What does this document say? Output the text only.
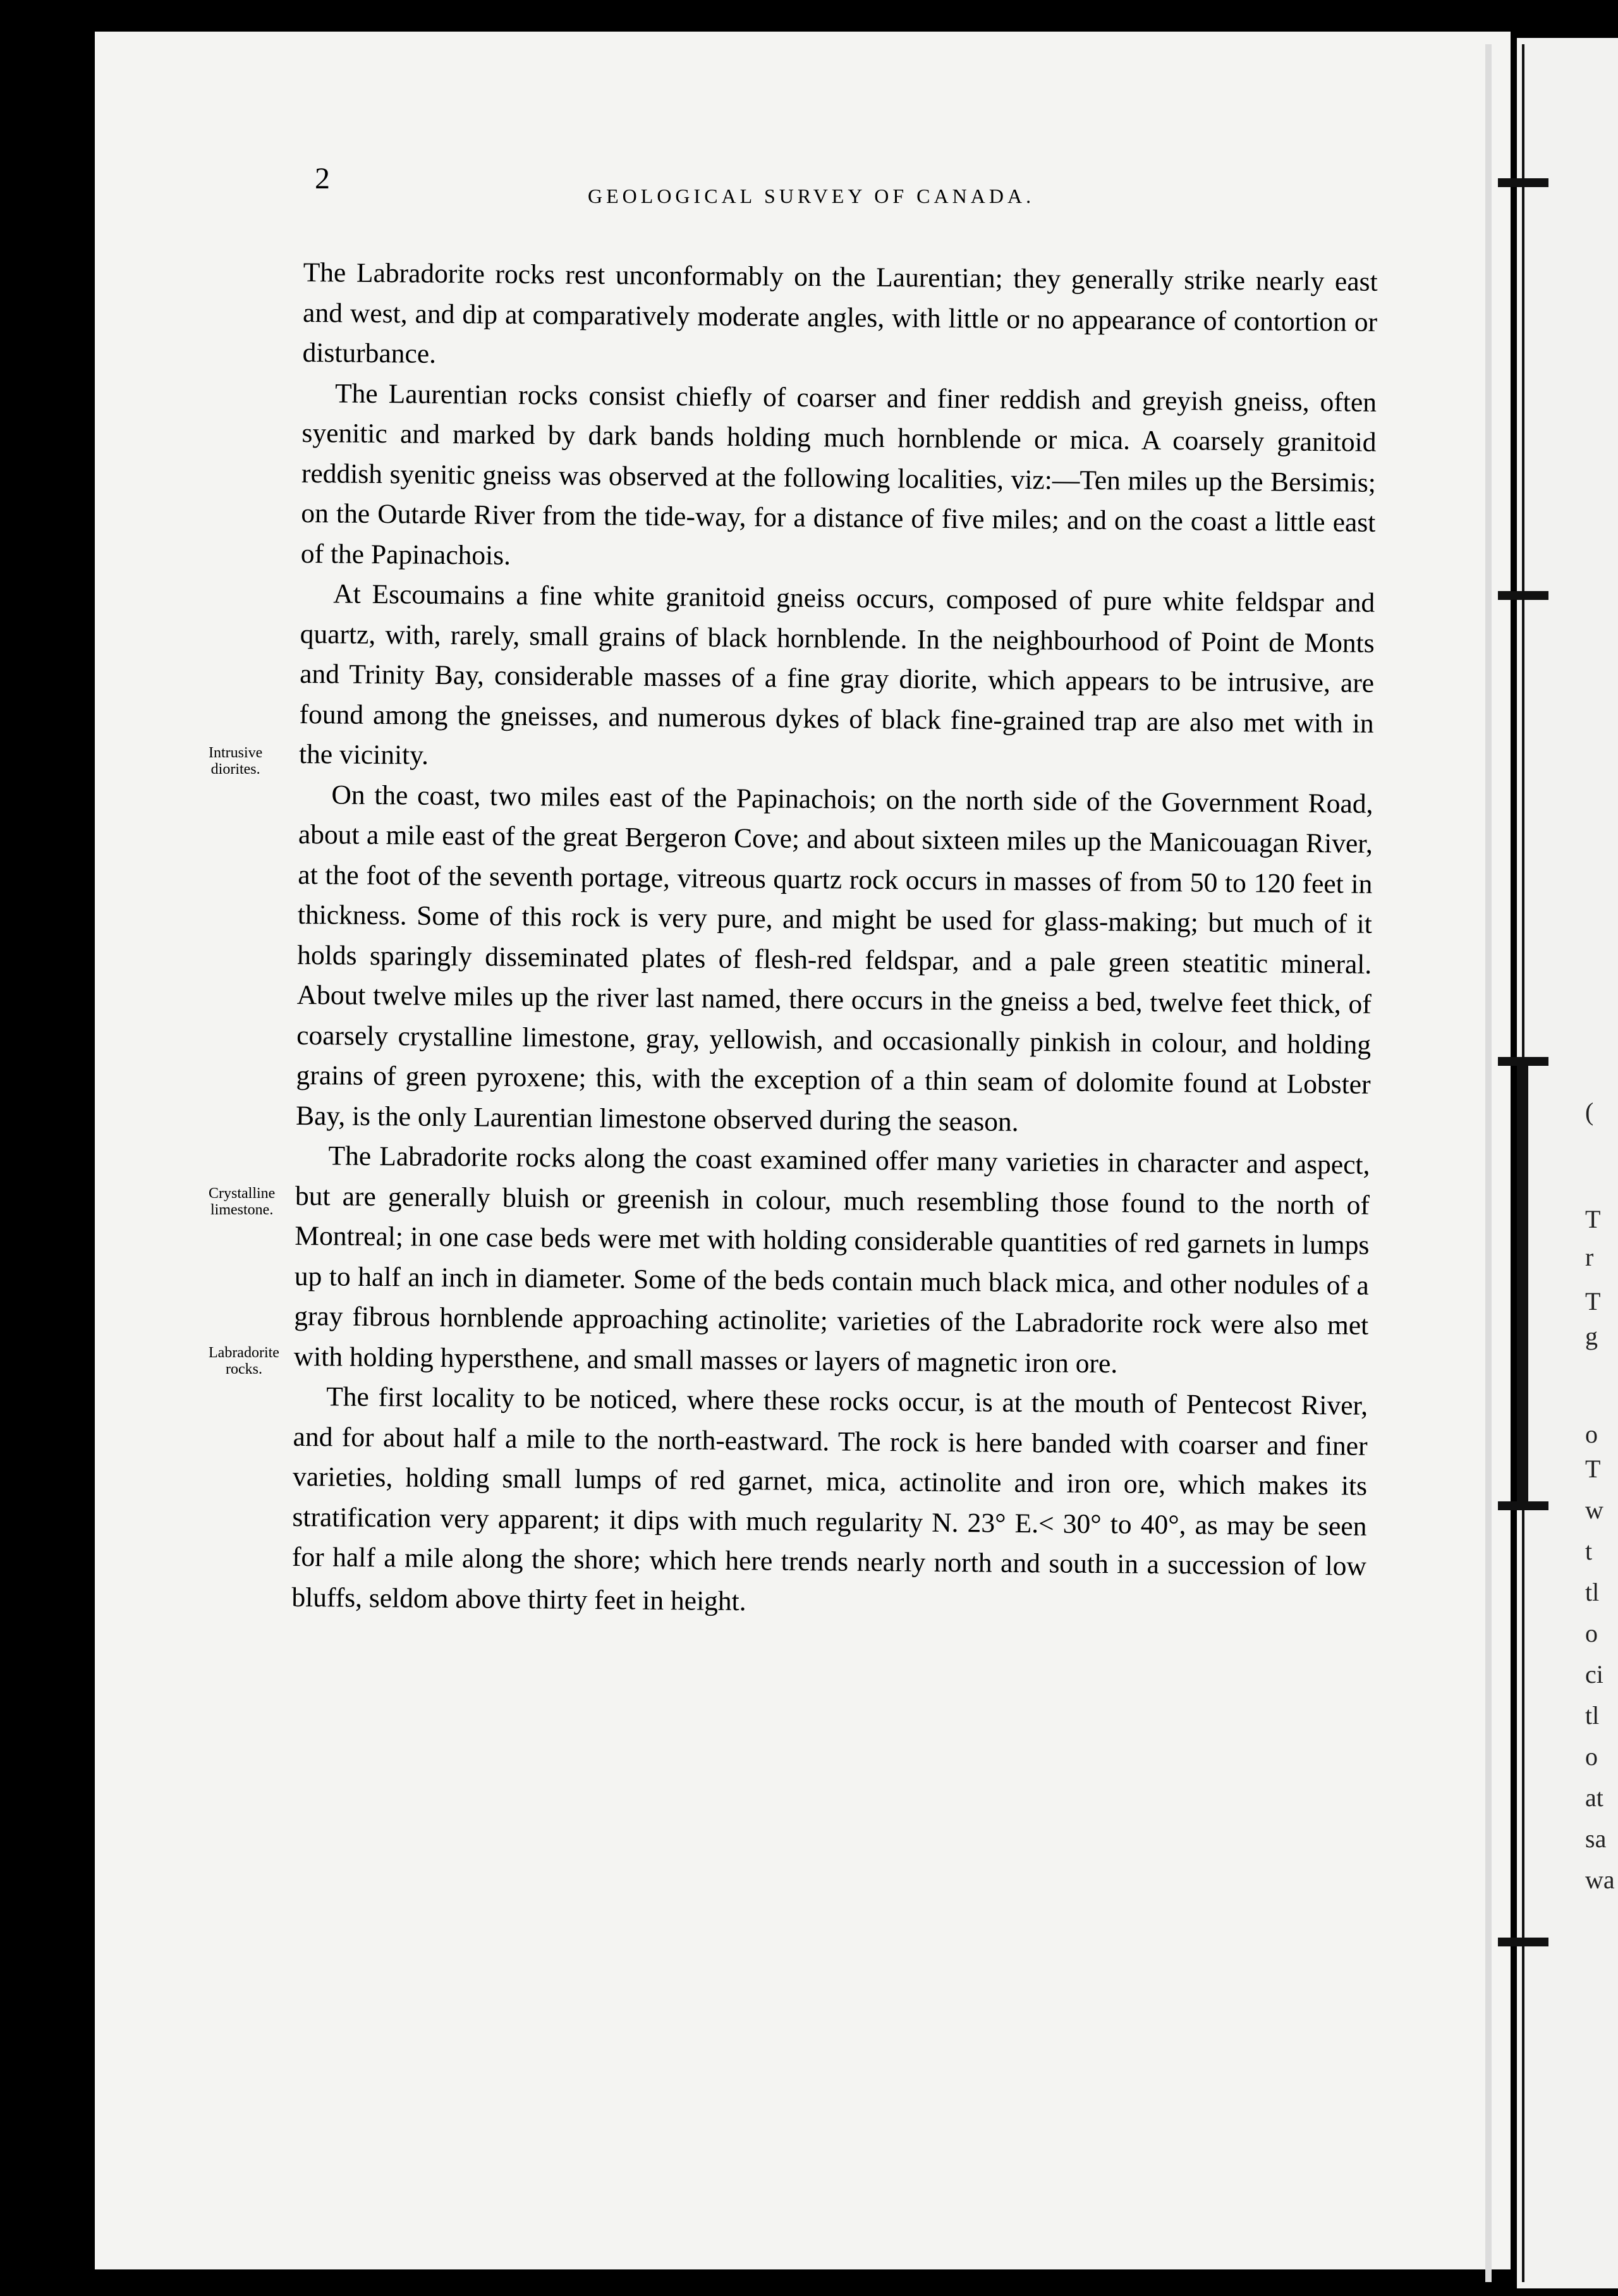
2
GEOLOGICAL SURVEY OF CANADA.
Intrusive
diorites.
Crystalline
limestone.
Labradorite
rocks.

The Labradorite rocks rest unconformably on the Laurentian; they generally strike nearly east and west, and dip at comparatively moderate angles, with little or no appearance of contortion or disturbance.

The Laurentian rocks consist chiefly of coarser and finer reddish and greyish gneiss, often syenitic and marked by dark bands holding much hornblende or mica. A coarsely granitoid reddish syenitic gneiss was observed at the following localities, viz:—Ten miles up the Bersimis; on the Outarde River from the tide-way, for a distance of five miles; and on the coast a little east of the Papinachois.

At Escoumains a fine white granitoid gneiss occurs, composed of pure white feldspar and quartz, with, rarely, small grains of black hornblende. In the neighbourhood of Point de Monts and Trinity Bay, considerable masses of a fine gray diorite, which appears to be intrusive, are found among the gneisses, and numerous dykes of black fine-grained trap are also met with in the vicinity.

On the coast, two miles east of the Papinachois; on the north side of the Government Road, about a mile east of the great Bergeron Cove; and about sixteen miles up the Manicouagan River, at the foot of the seventh portage, vitreous quartz rock occurs in masses of from 50 to 120 feet in thickness. Some of this rock is very pure, and might be used for glass-making; but much of it holds sparingly disseminated plates of flesh-red feldspar, and a pale green steatitic mineral. About twelve miles up the river last named, there occurs in the gneiss a bed, twelve feet thick, of coarsely crystalline limestone, gray, yellowish, and occasionally pinkish in colour, and holding grains of green pyroxene; this, with the exception of a thin seam of dolomite found at Lobster Bay, is the only Laurentian limestone observed during the season.

The Labradorite rocks along the coast examined offer many varieties in character and aspect, but are generally bluish or greenish in colour, much resembling those found to the north of Montreal; in one case beds were met with holding considerable quantities of red garnets in lumps up to half an inch in diameter. Some of the beds contain much black mica, and other nodules of a gray fibrous hornblende approaching actinolite; varieties of the Labradorite rock were also met with holding hypersthene, and small masses or layers of magnetic iron ore.

The first locality to be noticed, where these rocks occur, is at the mouth of Pentecost River, and for about half a mile to the north-eastward. The rock is here banded with coarser and finer varieties, holding small lumps of red garnet, mica, actinolite and iron ore, which makes its stratification very apparent; it dips with much regularity N. 23° E.< 30° to 40°, as may be seen for half a mile along the shore; which here trends nearly north and south in a succession of low bluffs, seldom above thirty feet in height.

(
T
r
T
g
o
T
w
t
tl
o
ci
tl
o
at
sa
wa
